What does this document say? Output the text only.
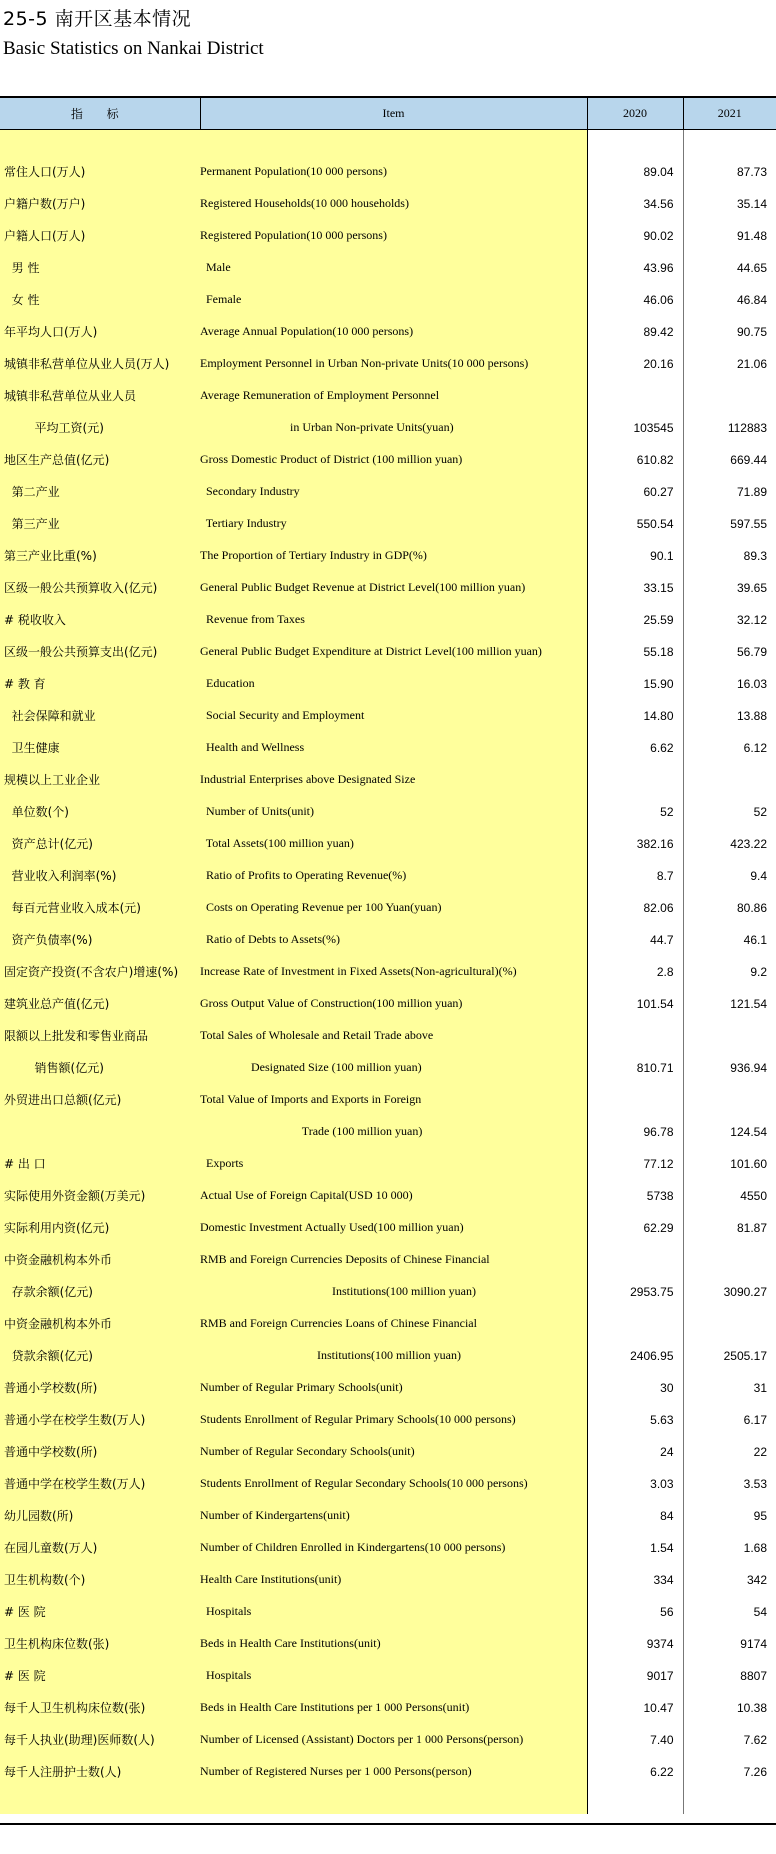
25-5 南开区基本情况
Basic Statistics on Nankai District
指 标	Item	2020	2021

常住人口(万人)	Permanent Population(10 000 persons)	89.04	87.73
户籍户数(万户)	Registered Households(10 000 households)	34.56	35.14
户籍人口(万人)	Registered Population(10 000 persons)	90.02	91.48
男 性	Male	43.96	44.65
女 性	Female	46.06	46.84
年平均人口(万人)	Average Annual Population(10 000 persons)	89.42	90.75
城镇非私营单位从业人员(万人)	Employment Personnel in Urban Non-private Units(10 000 persons)	20.16	21.06
城镇非私营单位从业人员	Average Remuneration of Employment Personnel		
平均工资(元)	in Urban Non-private Units(yuan)	103545	112883
地区生产总值(亿元)	Gross Domestic Product of District (100 million yuan)	610.82	669.44
第二产业	Secondary Industry	60.27	71.89
第三产业	Tertiary Industry	550.54	597.55
第三产业比重(%)	The Proportion of Tertiary Industry in GDP(%)	90.1	89.3
区级一般公共预算收入(亿元)	General Public Budget Revenue at District Level(100 million yuan)	33.15	39.65
# 税收收入	Revenue from Taxes	25.59	32.12
区级一般公共预算支出(亿元)	General Public Budget Expenditure at District Level(100 million yuan)	55.18	56.79
# 教 育	Education	15.90	16.03
社会保障和就业	Social Security and Employment	14.80	13.88
卫生健康	Health and Wellness	6.62	6.12
规模以上工业企业	Industrial Enterprises above Designated Size		
单位数(个)	Number of Units(unit)	52	52
资产总计(亿元)	Total Assets(100 million yuan)	382.16	423.22
营业收入利润率(%)	Ratio of Profits to Operating Revenue(%)	8.7	9.4
每百元营业收入成本(元)	Costs on Operating Revenue per 100 Yuan(yuan)	82.06	80.86
资产负债率(%)	Ratio of Debts to Assets(%)	44.7	46.1
固定资产投资(不含农户)增速(%)	Increase Rate of Investment in Fixed Assets(Non-agricultural)(%)	2.8	9.2
建筑业总产值(亿元)	Gross Output Value of Construction(100 million yuan)	101.54	121.54
限额以上批发和零售业商品	Total Sales of Wholesale and Retail Trade above		
销售额(亿元)	Designated Size (100 million yuan)	810.71	936.94
外贸进出口总额(亿元)	Total Value of Imports and Exports in Foreign		
	Trade (100 million yuan)	96.78	124.54
# 出 口	Exports	77.12	101.60
实际使用外资金额(万美元)	Actual Use of Foreign Capital(USD 10 000)	5738	4550
实际利用内资(亿元)	Domestic Investment Actually Used(100 million yuan)	62.29	81.87
中资金融机构本外币	RMB and Foreign Currencies Deposits of Chinese Financial		
存款余额(亿元)	Institutions(100 million yuan)	2953.75	3090.27
中资金融机构本外币	RMB and Foreign Currencies Loans of Chinese Financial		
贷款余额(亿元)	Institutions(100 million yuan)	2406.95	2505.17
普通小学校数(所)	Number of Regular Primary Schools(unit)	30	31
普通小学在校学生数(万人)	Students Enrollment of Regular Primary Schools(10 000 persons)	5.63	6.17
普通中学校数(所)	Number of Regular Secondary Schools(unit)	24	22
普通中学在校学生数(万人)	Students Enrollment of Regular Secondary Schools(10 000 persons)	3.03	3.53
幼儿园数(所)	Number of Kindergartens(unit)	84	95
在园儿童数(万人)	Number of Children Enrolled in Kindergartens(10 000 persons)	1.54	1.68
卫生机构数(个)	Health Care Institutions(unit)	334	342
# 医 院	Hospitals	56	54
卫生机构床位数(张)	Beds in Health Care Institutions(unit)	9374	9174
# 医 院	Hospitals	9017	8807
每千人卫生机构床位数(张)	Beds in Health Care Institutions per 1 000 Persons(unit)	10.47	10.38
每千人执业(助理)医师数(人)	Number of Licensed (Assistant) Doctors per 1 000 Persons(person)	7.40	7.62
每千人注册护士数(人)	Number of Registered Nurses per 1 000 Persons(person)	6.22	7.26
